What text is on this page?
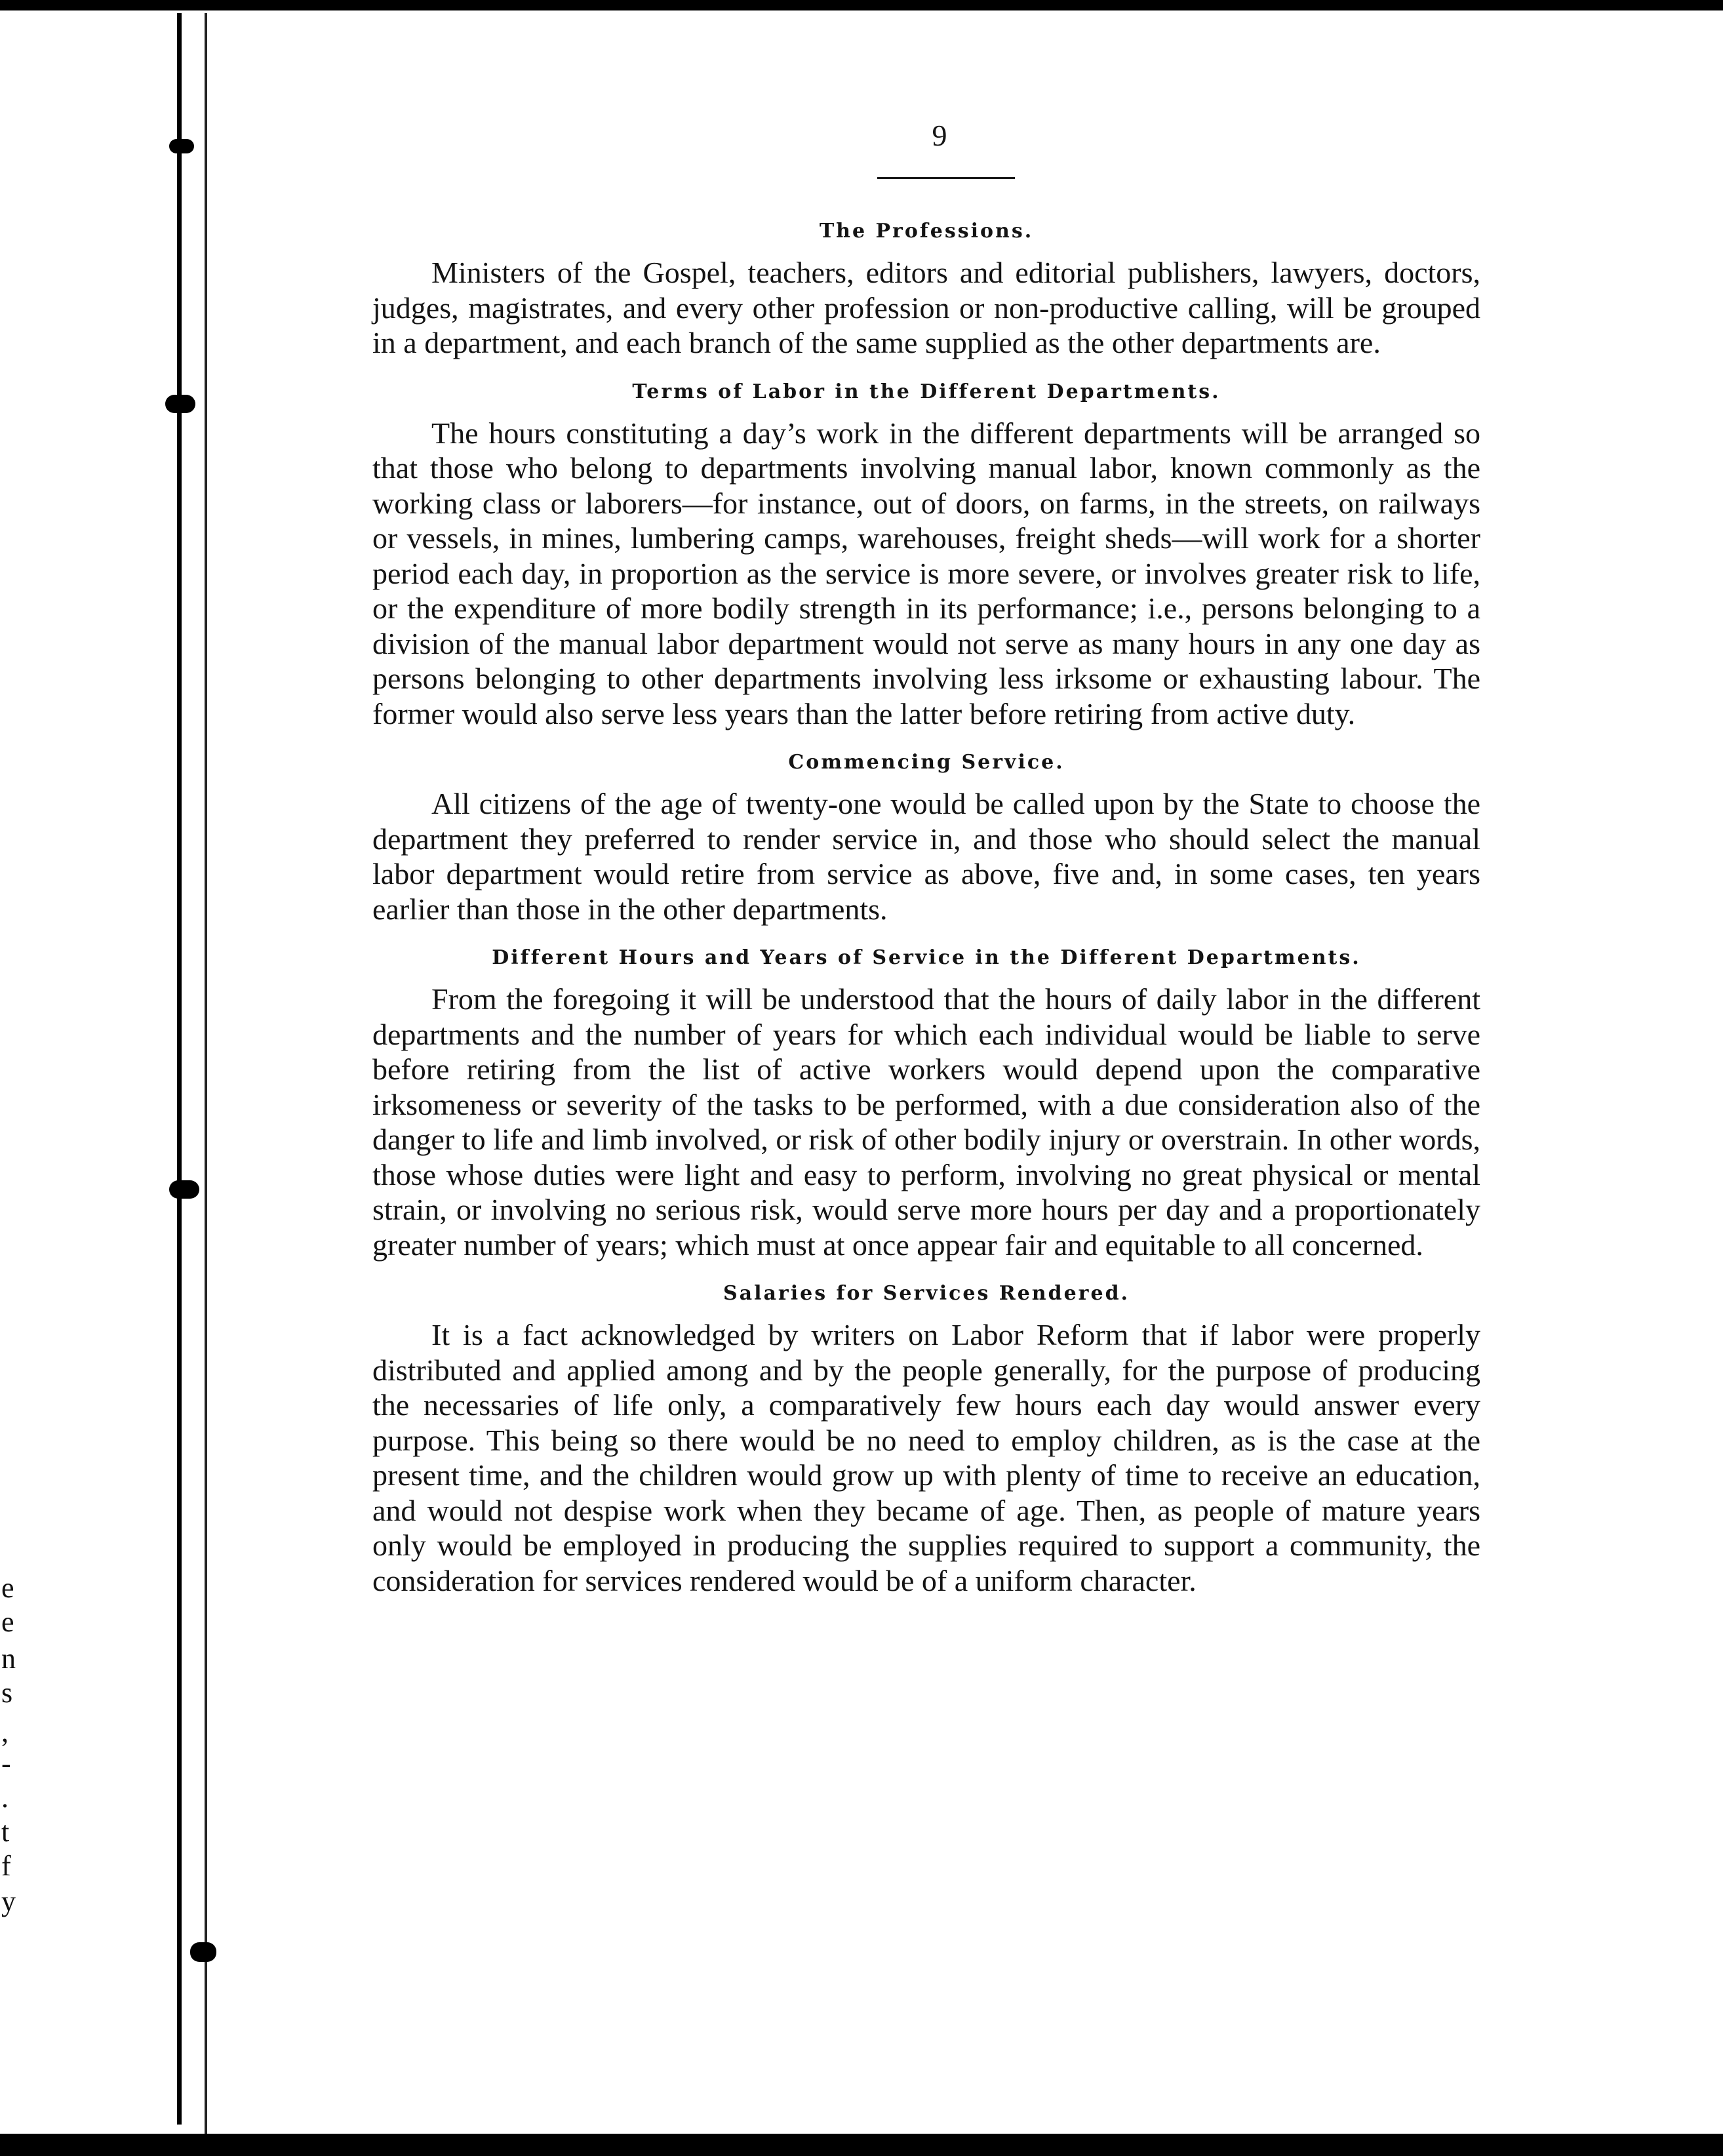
e
e
n
s
,
-
.
t
f
y

9

The Professions.

Ministers of the Gospel, teachers, editors and editorial publishers, lawyers, doctors, judges, magistrates, and every other profession or non-productive calling, will be grouped in a department, and each branch of the same supplied as the other departments are.

Terms of Labor in the Different Departments.

The hours constituting a day’s work in the different departments will be arranged so that those who belong to departments involving manual labor, known commonly as the working class or laborers—for instance, out of doors, on farms, in the streets, on railways or vessels, in mines, lumbering camps, warehouses, freight sheds—will work for a shorter period each day, in proportion as the service is more severe, or involves greater risk to life, or the expenditure of more bodily strength in its performance; i.e., persons belonging to a division of the manual labor department would not serve as many hours in any one day as persons belonging to other departments involving less irksome or exhausting labour. The former would also serve less years than the latter before retiring from active duty.

Commencing Service.

All citizens of the age of twenty-one would be called upon by the State to choose the department they preferred to render service in, and those who should select the manual labor department would retire from service as above, five and, in some cases, ten years earlier than those in the other departments.

Different Hours and Years of Service in the Different Departments.

From the foregoing it will be understood that the hours of daily labor in the different departments and the number of years for which each individual would be liable to serve before retiring from the list of active workers would depend upon the comparative irksomeness or severity of the tasks to be performed, with a due consideration also of the danger to life and limb involved, or risk of other bodily injury or overstrain. In other words, those whose duties were light and easy to perform, involving no great physical or mental strain, or involving no serious risk, would serve more hours per day and a proportionately greater number of years; which must at once appear fair and equitable to all concerned.

Salaries for Services Rendered.

It is a fact acknowledged by writers on Labor Reform that if labor were properly distributed and applied among and by the people generally, for the purpose of producing the necessaries of life only, a comparatively few hours each day would answer every purpose. This being so there would be no need to employ children, as is the case at the present time, and the children would grow up with plenty of time to receive an education, and would not despise work when they became of age. Then, as people of mature years only would be employed in producing the supplies required to support a community, the consideration for services rendered would be of a uniform character.
